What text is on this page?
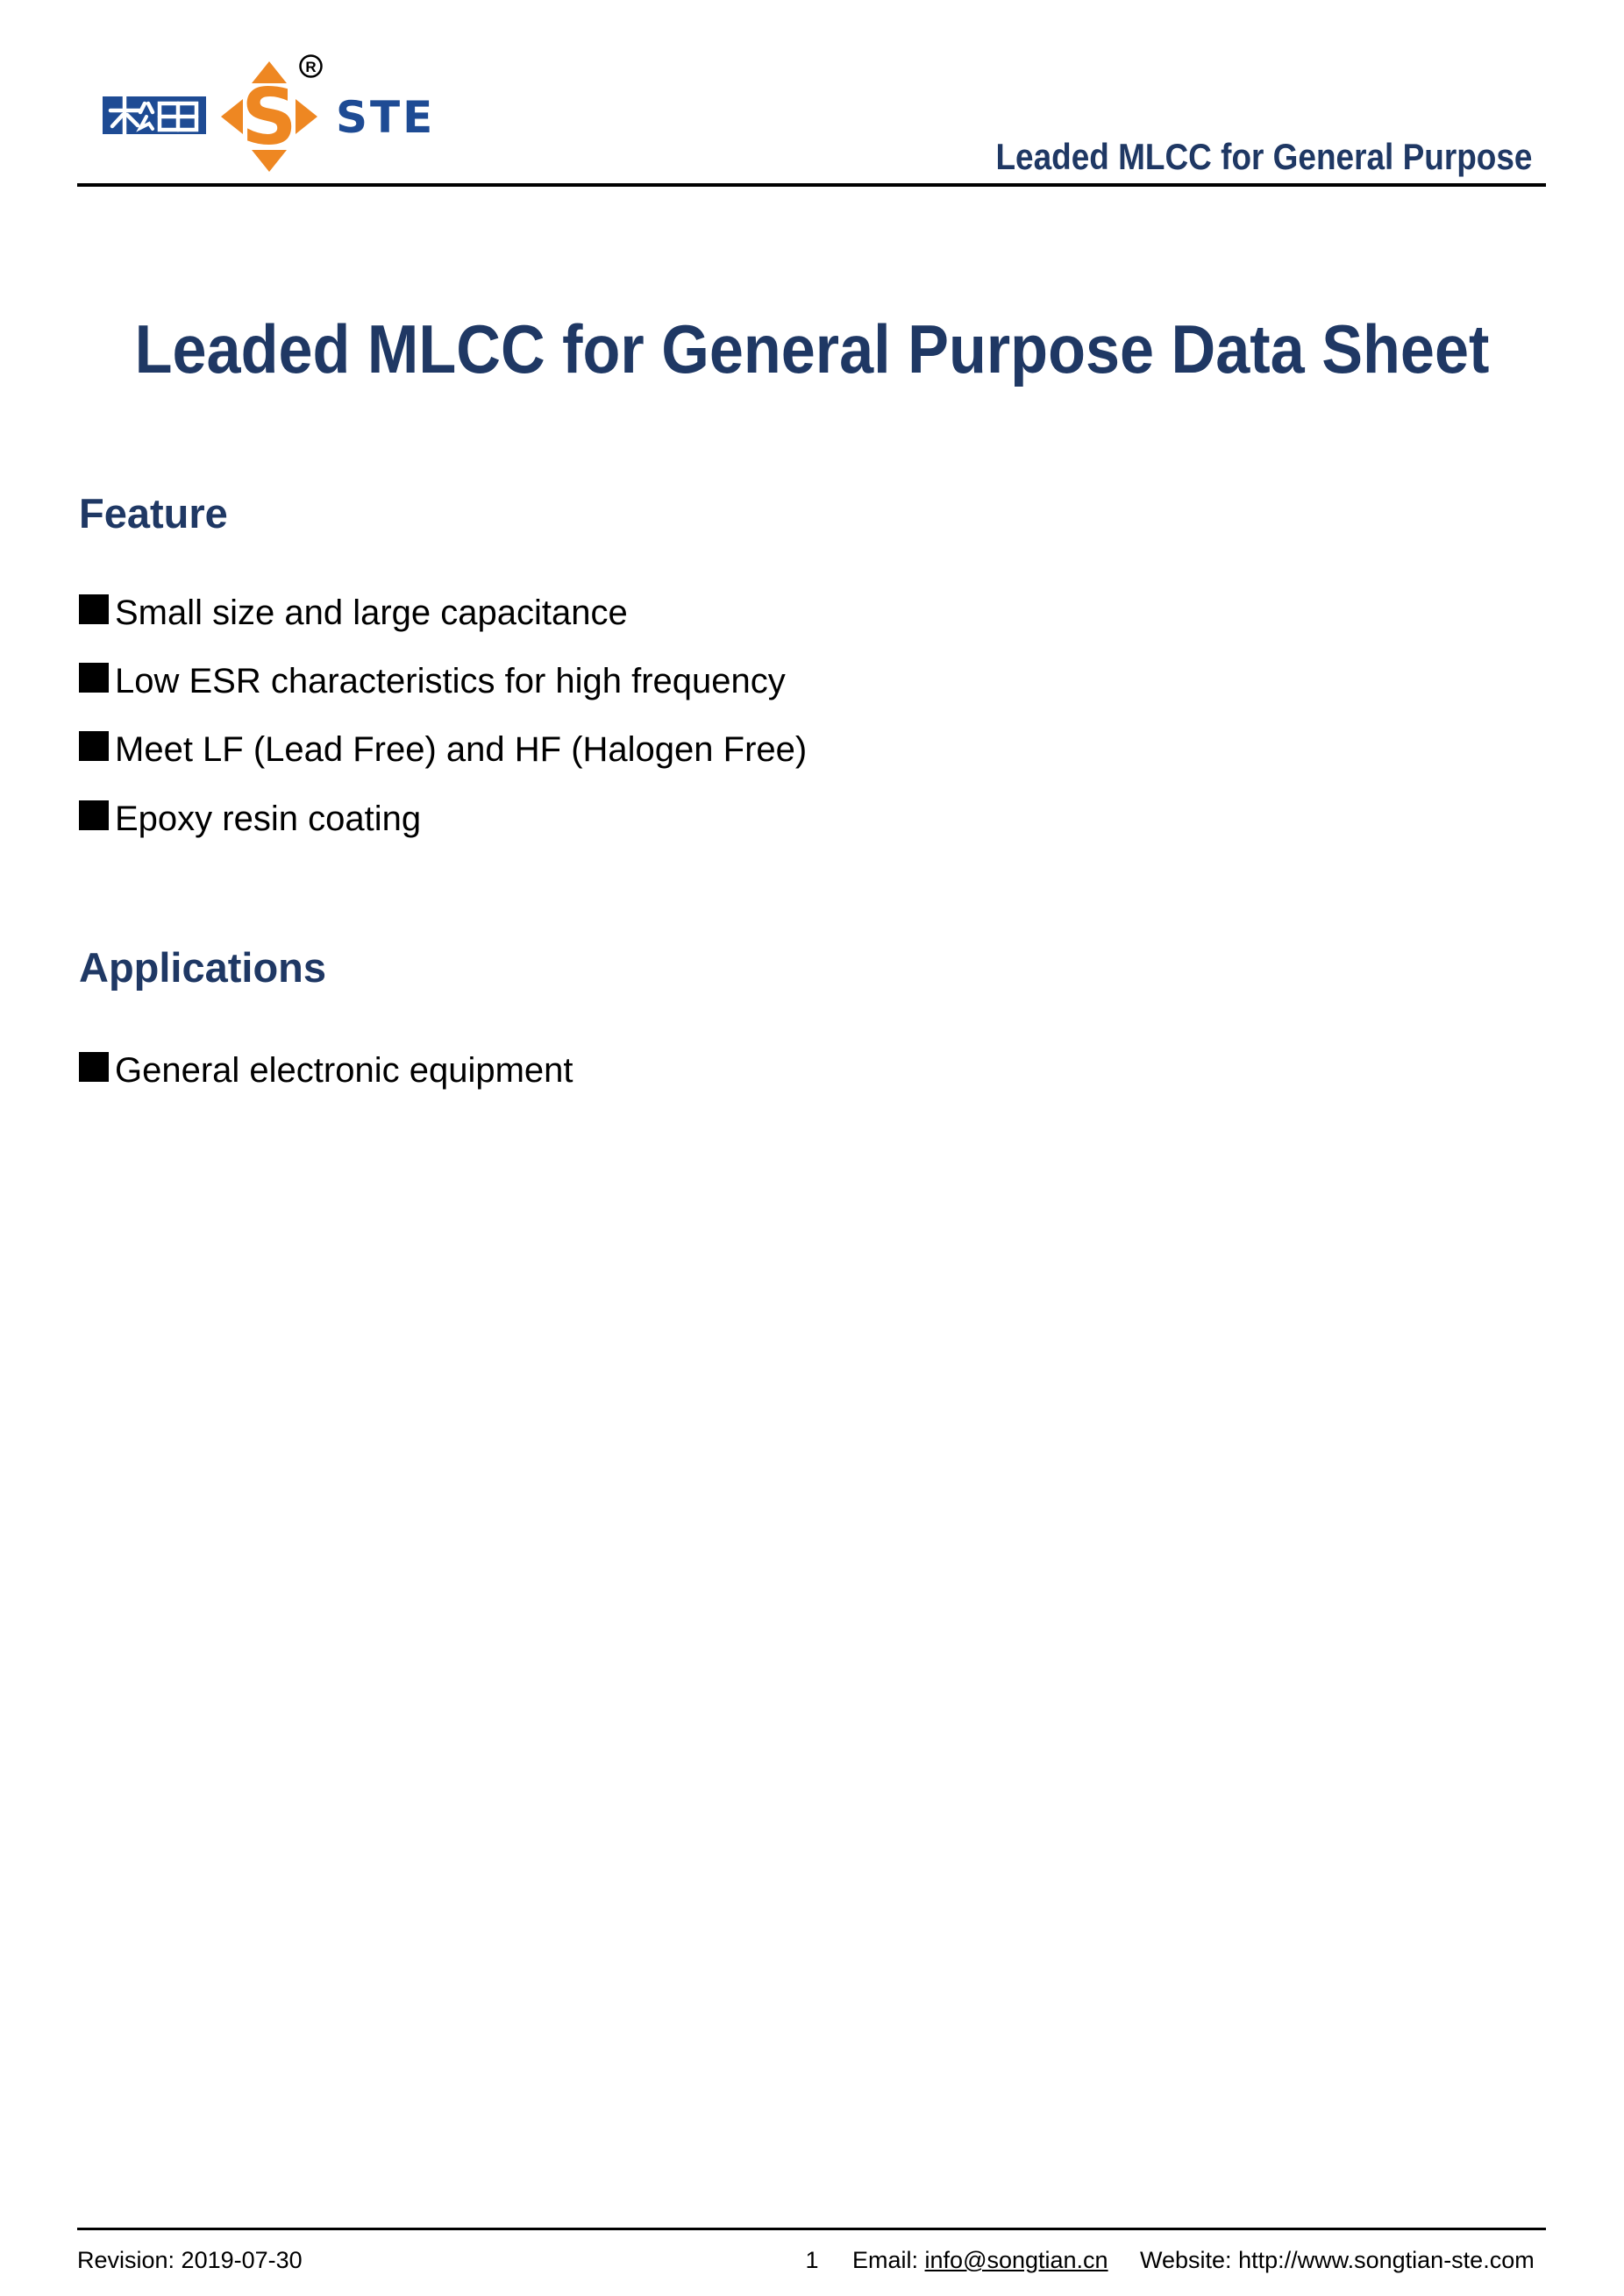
S
R
STE
Leaded MLCC for General Purpose
Leaded MLCC for General Purpose Data Sheet
Feature
Small size and large capacitance
Low ESR characteristics for high frequency
Meet LF (Lead Free) and HF (Halogen Free)
Epoxy resin coating
Applications
General electronic equipment
Revision: 2019-07-30	1	Email: info@songtian.cn Website: http://www.songtian-ste.com
